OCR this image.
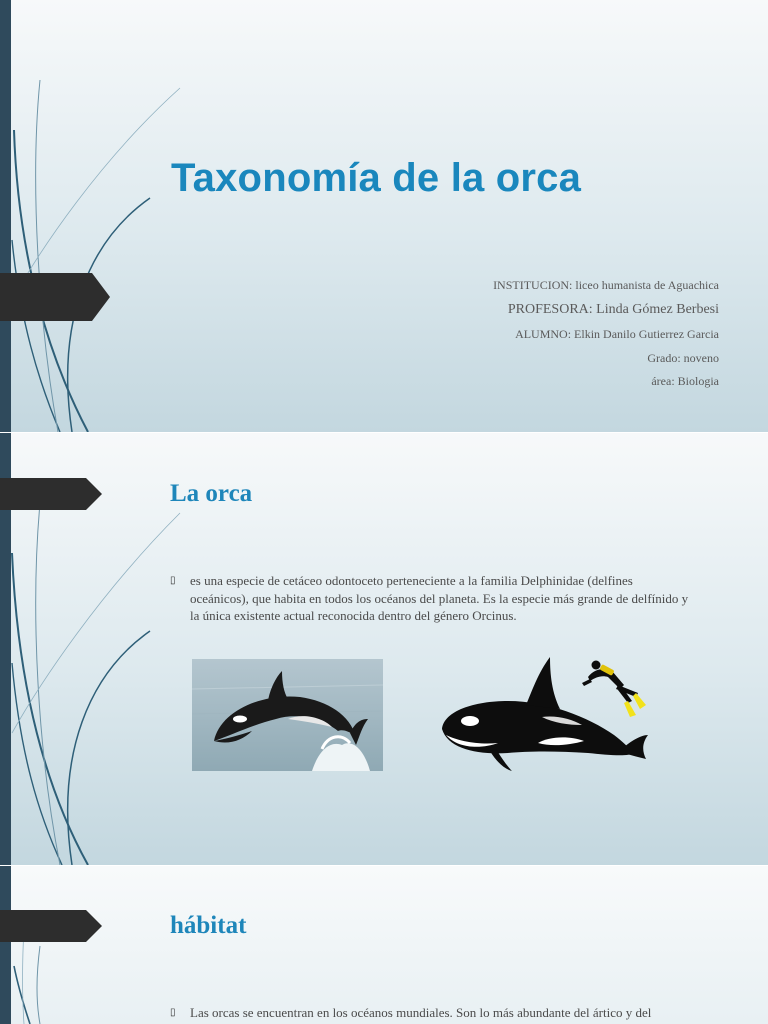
Taxonomía de la orca

INSTITUCION: liceo humanista de Aguachica

PROFESORA: Linda Gómez Berbesi

ALUMNO: Elkin Danilo Gutierrez Garcia

Grado: noveno

área: Biologia

La orca
▯ es una especie de cetáceo odontoceto perteneciente a la familia Delphinidae (delfines oceánicos), que habita en todos los océanos del planeta. Es la especie más grande de delfínido y la única existente actual reconocida dentro del género Orcinus.

hábitat
▯ Las orcas se encuentran en los océanos mundiales. Son lo más abundante del ártico y del
